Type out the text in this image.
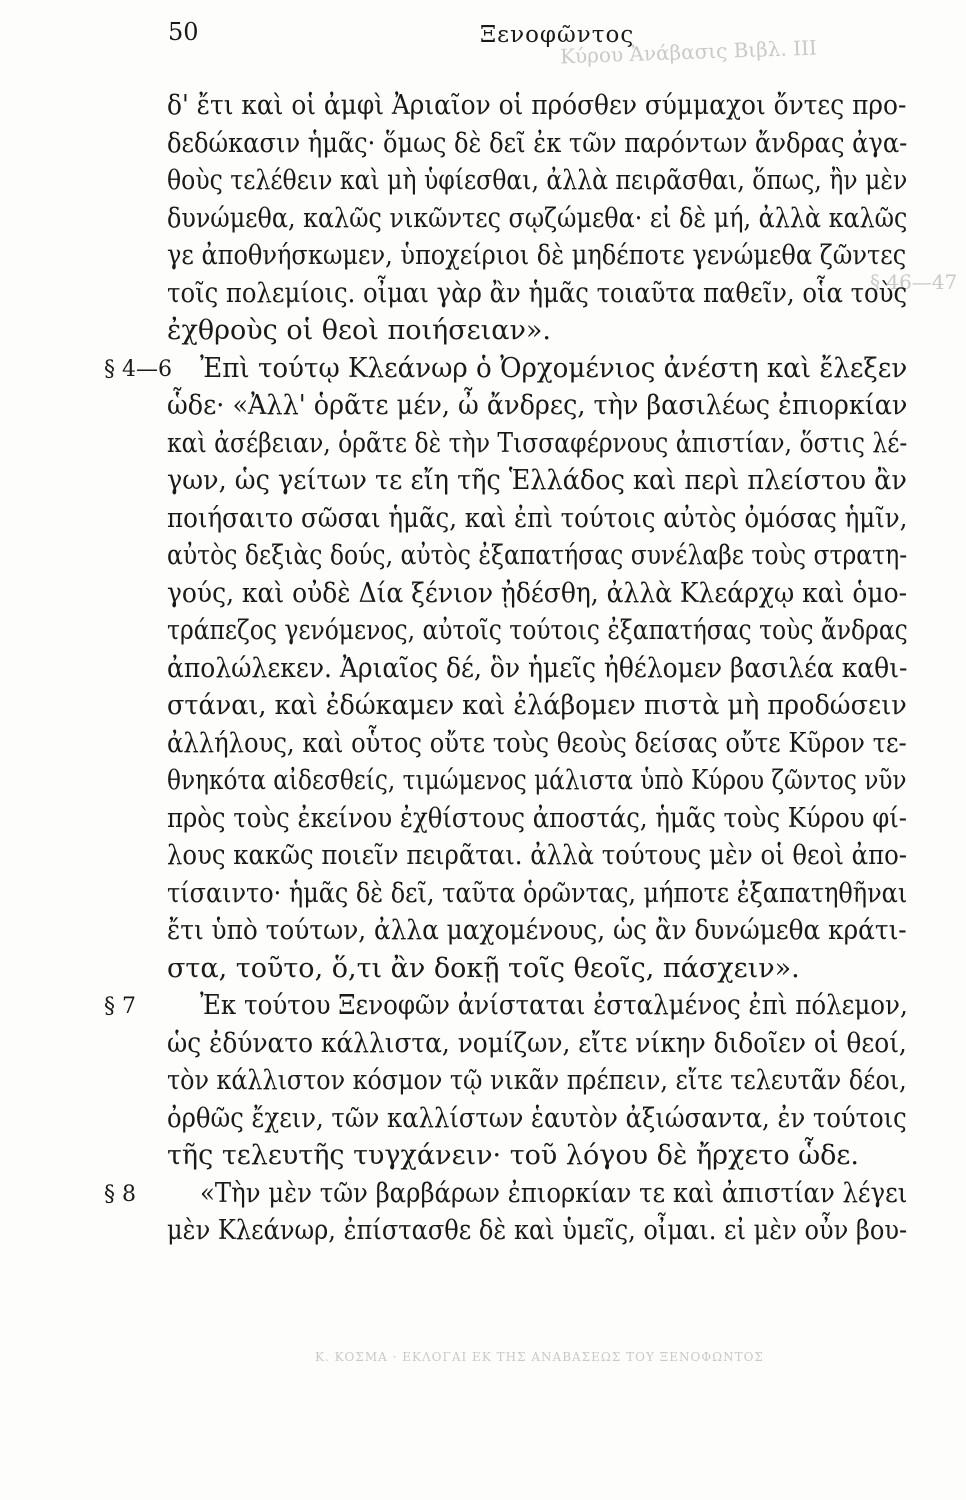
Κύρου Ἀνάβασις Βιβλ. ΙΙΙ
§ 46—47
Κ. ΚΟΣΜΑ · ΕΚΛΟΓΑΙ ΕΚ ΤΗΣ ΑΝΑΒΑΣΕΩΣ ΤΟΥ ΞΕΝΟΦΩΝΤΟΣ
50	Ξενοφῶντος
δ' ἔτι καὶ οἱ ἀμφὶ Ἀριαῖον οἱ πρόσθεν σύμμαχοι ὄντες προ-
δεδώκασιν ἡμᾶς· ὅμως δὲ δεῖ ἐκ τῶν παρόντων ἄνδρας ἀγα-
θοὺς τελέθειν καὶ μὴ ὑφίεσθαι, ἀλλὰ πειρᾶσθαι, ὅπως, ἢν μὲν
δυνώμεθα, καλῶς νικῶντες σῳζώμεθα· εἰ δὲ μή, ἀλλὰ καλῶς
γε ἀποθνήσκωμεν, ὑποχείριοι δὲ μηδέποτε γενώμεθα ζῶντες
τοῖς πολεμίοις. οἶμαι γὰρ ἂν ἡμᾶς τοιαῦτα παθεῖν, οἷα τοὺς
ἐχθροὺς οἱ θεοὶ ποιήσειαν».
Ἐπὶ τούτῳ Κλεάνωρ ὁ Ὀρχομένιος ἀνέστη καὶ ἔλεξεν
§ 4—6
ὧδε· «Ἀλλ' ὁρᾶτε μέν, ὦ ἄνδρες, τὴν βασιλέως ἐπιορκίαν
καὶ ἀσέβειαν, ὁρᾶτε δὲ τὴν Τισσαφέρνους ἀπιστίαν, ὅστις λέ-
γων, ὡς γείτων τε εἴη τῆς Ἑλλάδος καὶ περὶ πλείστου ἂν
ποιήσαιτο σῶσαι ἡμᾶς, καὶ ἐπὶ τούτοις αὐτὸς ὀμόσας ἡμῖν,
αὐτὸς δεξιὰς δούς, αὐτὸς ἐξαπατήσας συνέλαβε τοὺς στρατη-
γούς, καὶ οὐδὲ Δία ξένιον ᾐδέσθη, ἀλλὰ Κλεάρχῳ καὶ ὁμο-
τράπεζος γενόμενος, αὐτοῖς τούτοις ἐξαπατήσας τοὺς ἄνδρας
ἀπολώλεκεν. Ἀριαῖος δέ, ὃν ἡμεῖς ἠθέλομεν βασιλέα καθι-
στάναι, καὶ ἐδώκαμεν καὶ ἐλάβομεν πιστὰ μὴ προδώσειν
ἀλλήλους, καὶ οὗτος οὔτε τοὺς θεοὺς δείσας οὔτε Κῦρον τε-
θνηκότα αἰδεσθείς, τιμώμενος μάλιστα ὑπὸ Κύρου ζῶντος νῦν
πρὸς τοὺς ἐκείνου ἐχθίστους ἀποστάς, ἡμᾶς τοὺς Κύρου φί-
λους κακῶς ποιεῖν πειρᾶται. ἀλλὰ τούτους μὲν οἱ θεοὶ ἀπο-
τίσαιντο· ἡμᾶς δὲ δεῖ, ταῦτα ὁρῶντας, μήποτε ἐξαπατηθῆναι
ἔτι ὑπὸ τούτων, ἀλλα μαχομένους, ὡς ἂν δυνώμεθα κράτι-
στα, τοῦτο, ὅ,τι ἂν δοκῇ τοῖς θεοῖς, πάσχειν».
Ἐκ τούτου Ξενοφῶν ἀνίσταται ἐσταλμένος ἐπὶ πόλεμον,
§ 7
ὡς ἐδύνατο κάλλιστα, νομίζων, εἴτε νίκην διδοῖεν οἱ θεοί,
τὸν κάλλιστον κόσμον τῷ νικᾶν πρέπειν, εἴτε τελευτᾶν δέοι,
ὀρθῶς ἔχειν, τῶν καλλίστων ἑαυτὸν ἀξιώσαντα, ἐν τούτοις
τῆς τελευτῆς τυγχάνειν· τοῦ λόγου δὲ ἤρχετο ὧδε.
«Τὴν μὲν τῶν βαρβάρων ἐπιορκίαν τε καὶ ἀπιστίαν λέγει
§ 8
μὲν Κλεάνωρ, ἐπίστασθε δὲ καὶ ὑμεῖς, οἶμαι. εἰ μὲν οὖν βου-
